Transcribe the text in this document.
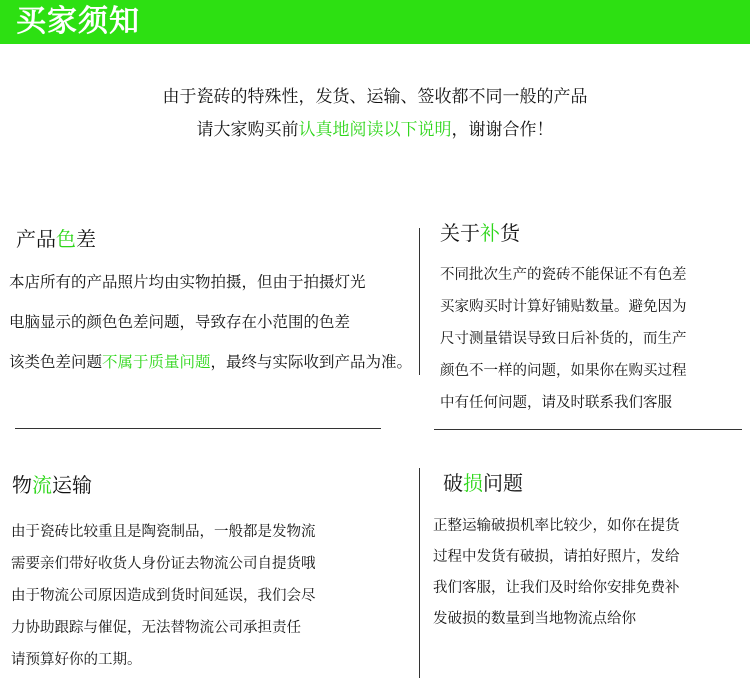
买家须知
由于瓷砖的特殊性，发货、运输、签收都不同一般的产品
请大家购买前认真地阅读以下说明，谢谢合作！
产品色差
本店所有的产品照片均由实物拍摄，但由于拍摄灯光
电脑显示的颜色色差问题，导致存在小范围的色差
该类色差问题不属于质量问题，最终与实际收到产品为准。
关于补货
不同批次生产的瓷砖不能保证不有色差
买家购买时计算好铺贴数量。避免因为
尺寸测量错误导致日后补货的，而生产
颜色不一样的问题，如果你在购买过程
中有任何问题，请及时联系我们客服
物流运输
由于瓷砖比较重且是陶瓷制品，一般都是发物流
需要亲们带好收货人身份证去物流公司自提货哦
由于物流公司原因造成到货时间延误，我们会尽
力协助跟踪与催促，无法替物流公司承担责任
请预算好你的工期。
破损问题
正整运输破损机率比较少，如你在提货
过程中发货有破损，请拍好照片，发给
我们客服，让我们及时给你安排免费补
发破损的数量到当地物流点给你
